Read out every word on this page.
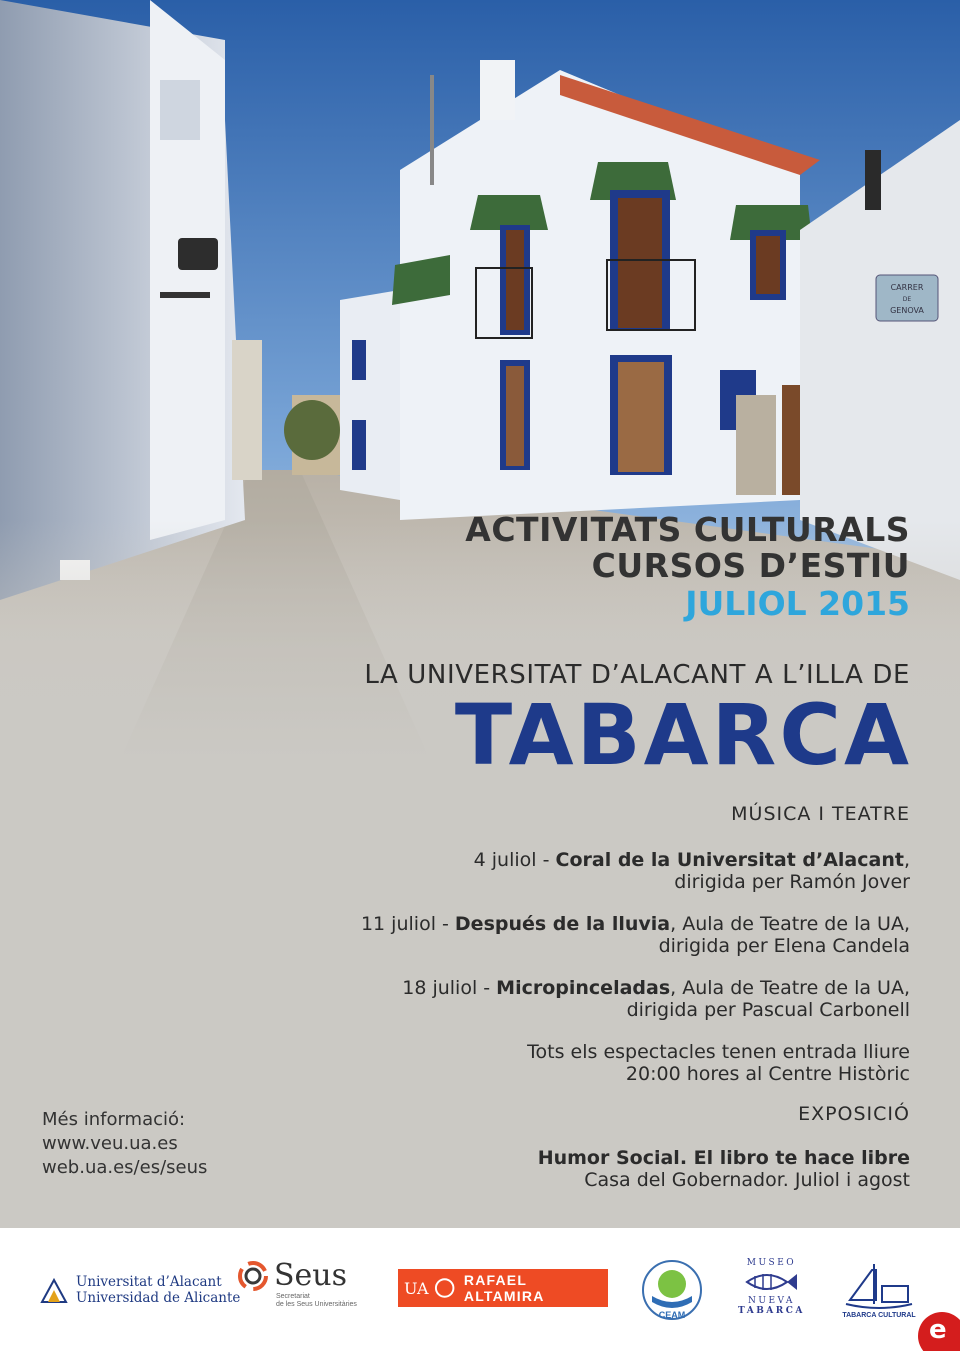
CARRER
DE
GENOVA
ACTIVITATS CULTURALS
CURSOS D’ESTIU
JULIOL 2015
LA UNIVERSITAT D’ALACANT A L’ILLA DE
TABARCA
MÚSICA I TEATRE
4 juliol - Coral de la Universitat d’Alacant,
dirigida per Ramón Jover
11 juliol - Después de la lluvia, Aula de Teatre de la UA,
dirigida per Elena Candela
18 juliol - Micropinceladas, Aula de Teatre de la UA,
dirigida per Pascual Carbonell
Tots els espectacles tenen entrada lliure
20:00 hores al Centre Històric
EXPOSICIÓ
Humor Social. El libro te hace libre
Casa del Gobernador. Juliol i agost
Més informació:
www.veu.ua.es
web.ua.es/es/seus
Universitat d’Alacant
Universidad de Alicante
Seus
Secretariat
de les Seus Universitàries
UA	RAFAEL ALTAMIRA
CEAM
MUSEO
NUEVA
TABARCA	TABARCA CULTURAL e
